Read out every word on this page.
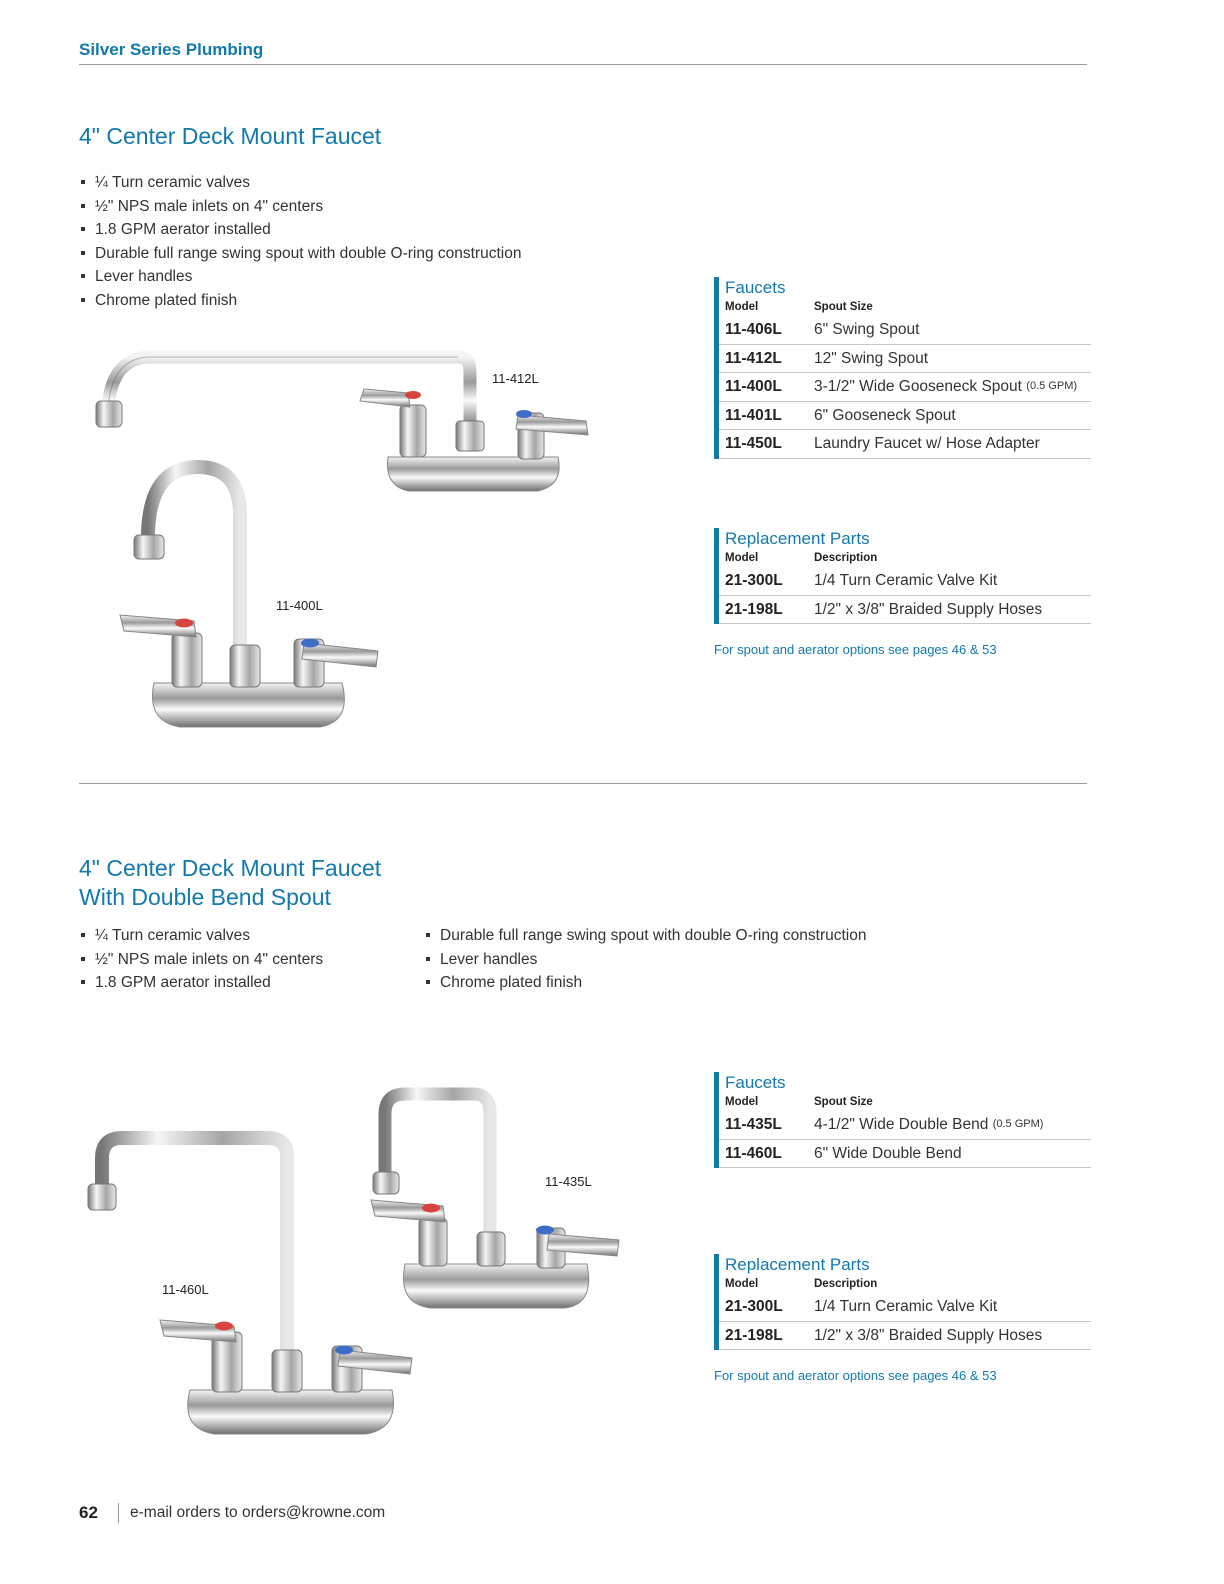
Silver Series Plumbing
4" Center Deck Mount Faucet
¼ Turn ceramic valves
½" NPS male inlets on 4" centers
1.8 GPM aerator installed
Durable full range swing spout with double O-ring construction
Lever handles
Chrome plated finish
11-412L
11-400L
Faucets
Model	Spout Size
11-406L	6" Swing Spout
11-412L	12" Swing Spout
11-400L	3-1/2" Wide Gooseneck Spout
(0.5 GPM)
11-401L	6" Gooseneck Spout
11-450L	Laundry Faucet w/ Hose Adapter
Replacement Parts
Model	Description
21-300L	1/4 Turn Ceramic Valve Kit
21-198L	1/2" x 3/8" Braided Supply Hoses
For spout and aerator options see pages 46 & 53
4" Center Deck Mount Faucet
With Double Bend Spout
¼ Turn ceramic valves
½" NPS male inlets on 4" centers
1.8 GPM aerator installed
Durable full range swing spout with double O-ring construction
Lever handles
Chrome plated finish
11-435L
11-460L
Faucets
Model	Spout Size
11-435L	4-1/2" Wide Double Bend
(0.5 GPM)
11-460L	6" Wide Double Bend
Replacement Parts
Model	Description
21-300L	1/4 Turn Ceramic Valve Kit
21-198L	1/2" x 3/8" Braided Supply Hoses
For spout and aerator options see pages 46 & 53
62 e-mail orders to orders@krowne.com
